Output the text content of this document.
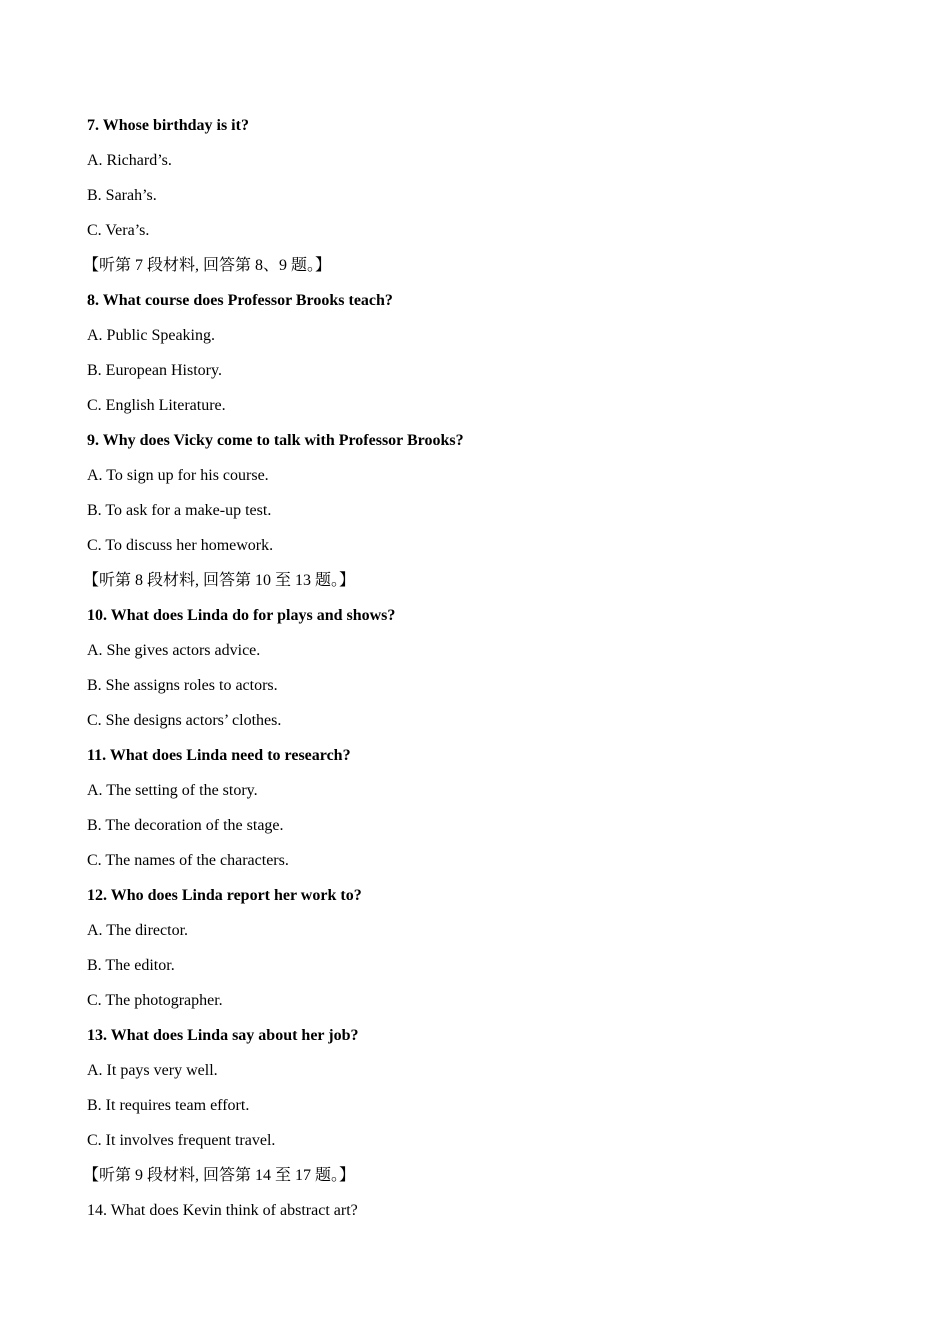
7. Whose birthday is it?
A. Richard’s.
B. Sarah’s.
C. Vera’s.
【听第 7 段材料, 回答第 8、9 题。】
8. What course does Professor Brooks teach?
A. Public Speaking.
B. European History.
C. English Literature.
9. Why does Vicky come to talk with Professor Brooks?
A. To sign up for his course.
B. To ask for a make-up test.
C. To discuss her homework.
【听第 8 段材料, 回答第 10 至 13 题。】
10. What does Linda do for plays and shows?
A. She gives actors advice.
B. She assigns roles to actors.
C. She designs actors’ clothes.
11. What does Linda need to research?
A. The setting of the story.
B. The decoration of the stage.
C. The names of the characters.
12. Who does Linda report her work to?
A. The director.
B. The editor.
C. The photographer.
13. What does Linda say about her job?
A. It pays very well.
B. It requires team effort.
C. It involves frequent travel.
【听第 9 段材料, 回答第 14 至 17 题。】
14. What does Kevin think of abstract art?
